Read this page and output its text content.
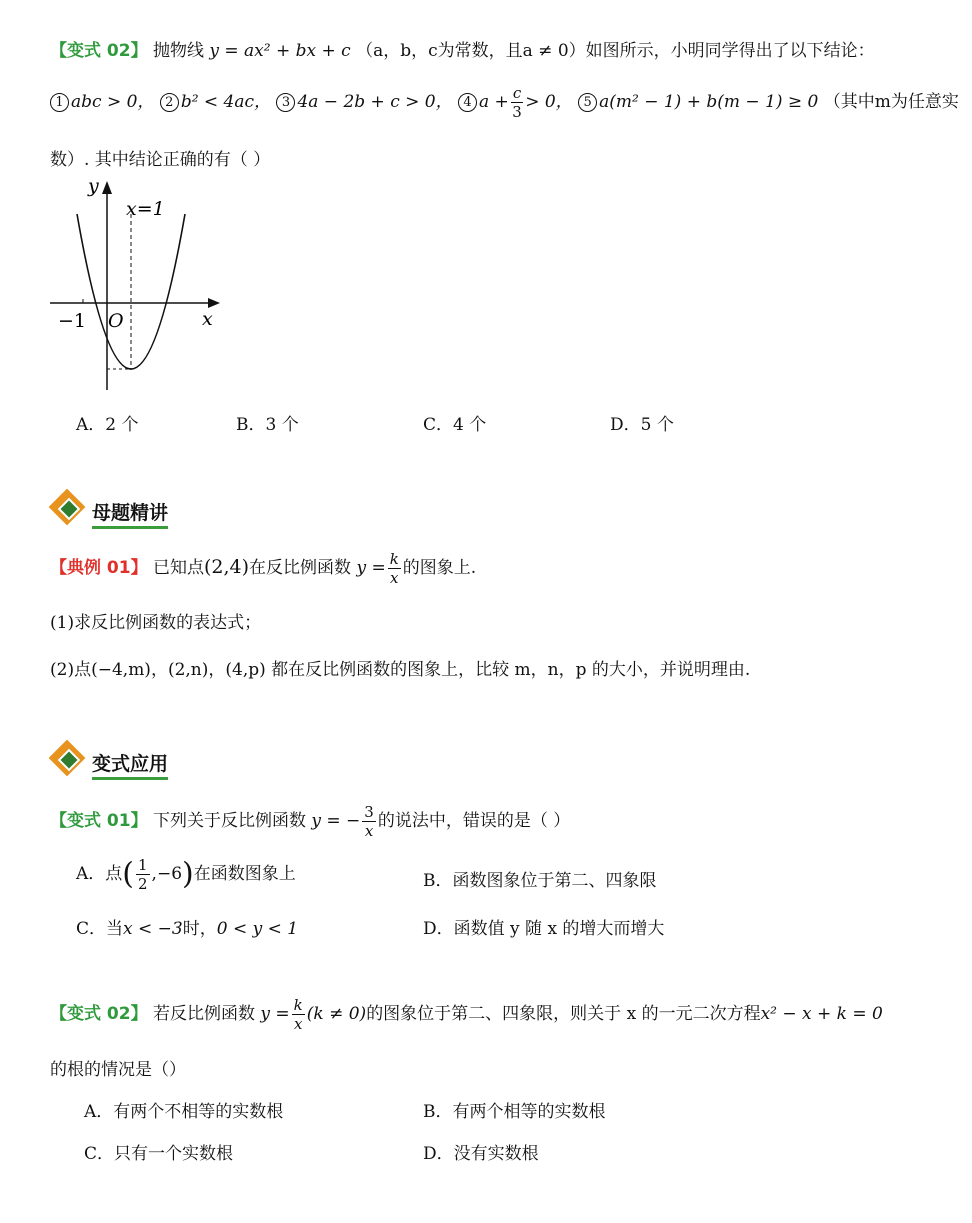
【变式 02】 抛物线 y = ax² + bx + c （a，b，c为常数，且a ≠ 0）如图所示，小明同学得出了以下结论：
1 abc > 0， 2 b² < 4ac， 3 4a − 2b + c > 0， 4 $a + \frac{c}{3} > 0$， 5 a(m² − 1) + b(m − 1) ≥ 0 （其中m为任意实
数）. 其中结论正确的有（ ）
y
x
O
−1
x=1
A．2 个	B．3 个	C．4 个	D．5 个
母题精讲
【典例 01】 已知点(2,4)在反比例函数 $y = \frac{k}{x}$ 的图象上.
(1)求反比例函数的表达式；
(2)点(−4,m)，(2,n)，(4,p) 都在反比例函数的图象上，比较 m，n，p 的大小，并说明理由.
变式应用
【变式 01】 下列关于反比例函数 y = − $\frac{3}{x}$ 的说法中，错误的是（ ）
A．点( $\frac{1}{2} ,-6$)在函数图象上	B．函数图象位于第二、四象限
C．当x < −3时，0 < y < 1	D．函数值 y 随 x 的增大而增大
【变式 02】 若反比例函数 $y = \frac{k}{x} (k \ne 0)$的图象位于第二、四象限，则关于 x 的一元二次方程x² − x + k = 0
的根的情况是（）
A．有两个不相等的实数根	B．有两个相等的实数根
C．只有一个实数根	D．没有实数根
